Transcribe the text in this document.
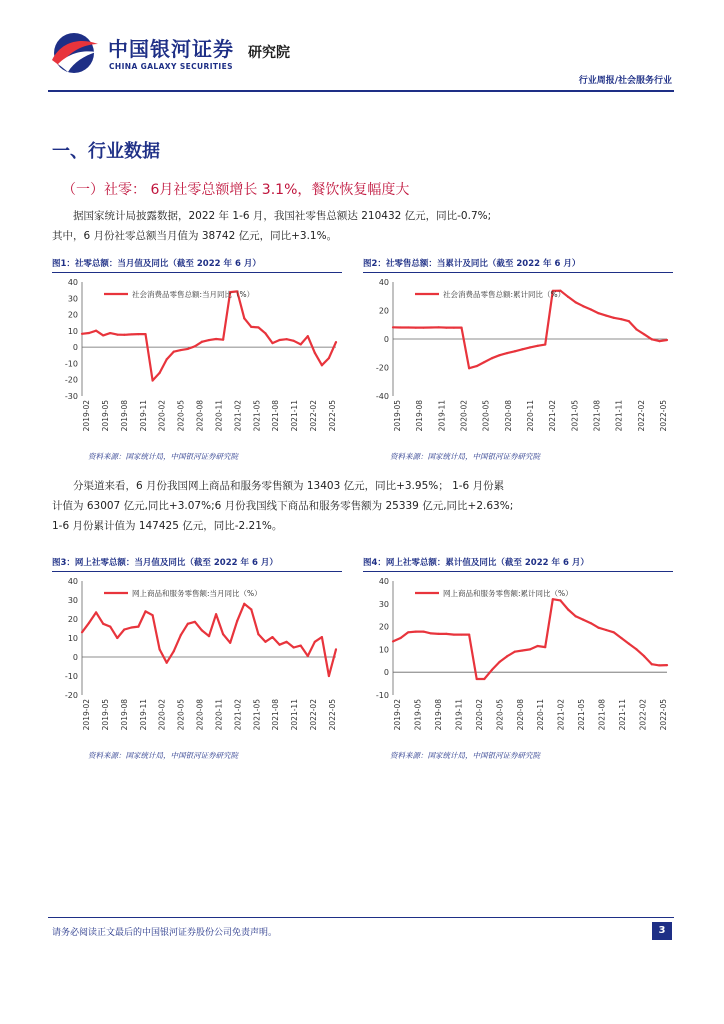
中国银河证券
CHINA GALAXY SECURITIES
研究院
行业周报/社会服务行业
一、行业数据
（一）社零： 6月社零总额增长 3.1%，餐饮恢复幅度大
据国家统计局披露数据，2022 年 1-6 月，我国社零售总额达 210432 亿元，同比-0.7%;
其中，6 月份社零总额当月值为 38742 亿元，同比+3.1%。
图1：社零总额：当月值及同比（截至 2022 年 6 月）	图2：社零售总额：当累计及同比（截至 2022 年 6 月）
-30
-20
-10
0
10
20
30
40
2019-02 2019-05 2019-08 2019-11 2020-02 2020-05 2020-08 2020-11 2021-02 2021-05 2021-08 2021-11 2022-02 2022-05
社会消费品零售总额:当月同比（%）
-40
-20
0
20
40
2019-05 2019-08 2019-11 2020-02 2020-05 2020-08 2020-11 2021-02 2021-05 2021-08 2021-11 2022-02 2022-05
社会消费品零售总额:累计同比（%）
资料来源：国家统计局，中国银河证券研究院	资料来源：国家统计局，中国银河证券研究院
分渠道来看，6 月份我国网上商品和服务零售额为 13403 亿元，同比+3.95%； 1-6 月份累
计值为 63007 亿元,同比+3.07%;6 月份我国线下商品和服务零售额为 25339 亿元,同比+2.63%;
1-6 月份累计值为 147425 亿元，同比-2.21%。
图3：网上社零总额：当月值及同比（截至 2022 年 6 月）	图4：网上社零总额：累计值及同比（截至 2022 年 6 月）
-20
-10
0
10
20
30
40
2019-02 2019-05 2019-08 2019-11 2020-02 2020-05 2020-08 2020-11 2021-02 2021-05 2021-08 2021-11 2022-02 2022-05
网上商品和服务零售额:当月同比（%）
-10
0
10
20
30
40
2019-02 2019-05 2019-08 2019-11 2020-02 2020-05 2020-08 2020-11 2021-02 2021-05 2021-08 2021-11 2022-02 2022-05
网上商品和服务零售额:累计同比（%）
资料来源：国家统计局，中国银河证券研究院	资料来源：国家统计局，中国银河证券研究院
请务必阅读正文最后的中国银河证券股份公司免责声明。	3
